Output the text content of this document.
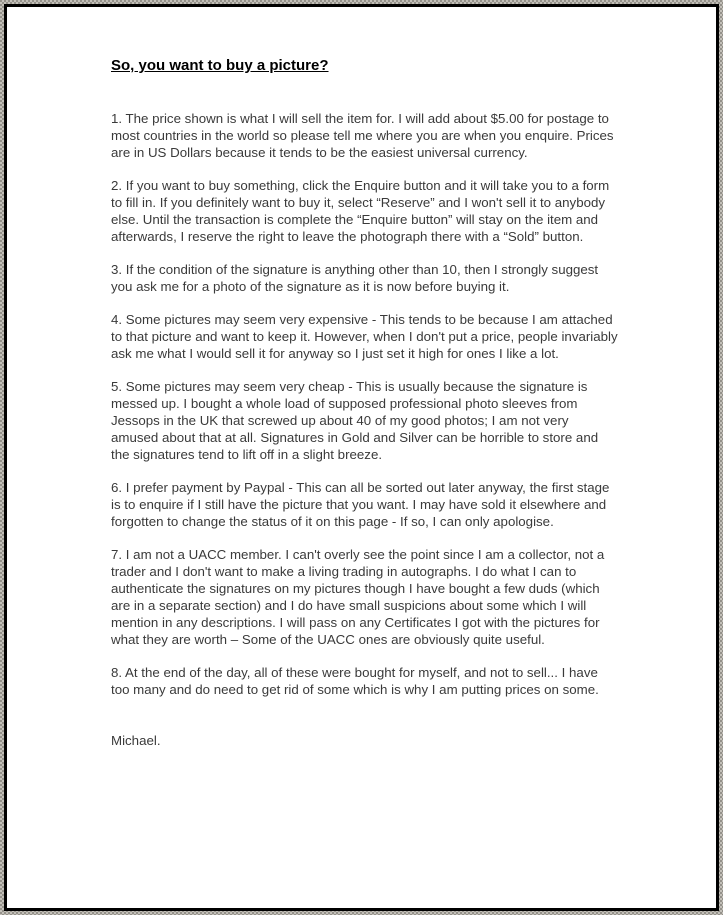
So, you want to buy a picture?

1. The price shown is what I will sell the item for. I will add about $5.00 for postage to most countries in the world so please tell me where you are when you enquire. Prices are in US Dollars because it tends to be the easiest universal currency.

2. If you want to buy something, click the Enquire button and it will take you to a form to fill in. If you definitely want to buy it, select “Reserve” and I won't sell it to anybody else. Until the transaction is complete the “Enquire button” will stay on the item and afterwards, I reserve the right to leave the photograph there with a “Sold” button.

3. If the condition of the signature is anything other than 10, then I strongly suggest you ask me for a photo of the signature as it is now before buying it.

4. Some pictures may seem very expensive - This tends to be because I am attached to that picture and want to keep it. However, when I don't put a price, people invariably ask me what I would sell it for anyway so I just set it high for ones I like a lot.

5. Some pictures may seem very cheap - This is usually because the signature is messed up. I bought a whole load of supposed professional photo sleeves from Jessops in the UK that screwed up about 40 of my good photos; I am not very amused about that at all. Signatures in Gold and Silver can be horrible to store and the signatures tend to lift off in a slight breeze.

6. I prefer payment by Paypal - This can all be sorted out later anyway, the first stage is to enquire if I still have the picture that you want. I may have sold it elsewhere and forgotten to change the status of it on this page - If so, I can only apologise.

7. I am not a UACC member. I can't overly see the point since I am a collector, not a trader and I don't want to make a living trading in autographs. I do what I can to authenticate the signatures on my pictures though I have bought a few duds (which are in a separate section) and I do have small suspicions about some which I will mention in any descriptions. I will pass on any Certificates I got with the pictures for what they are worth – Some of the UACC ones are obviously quite useful.

8. At the end of the day, all of these were bought for myself, and not to sell... I have too many and do need to get rid of some which is why I am putting prices on some.

Michael.
